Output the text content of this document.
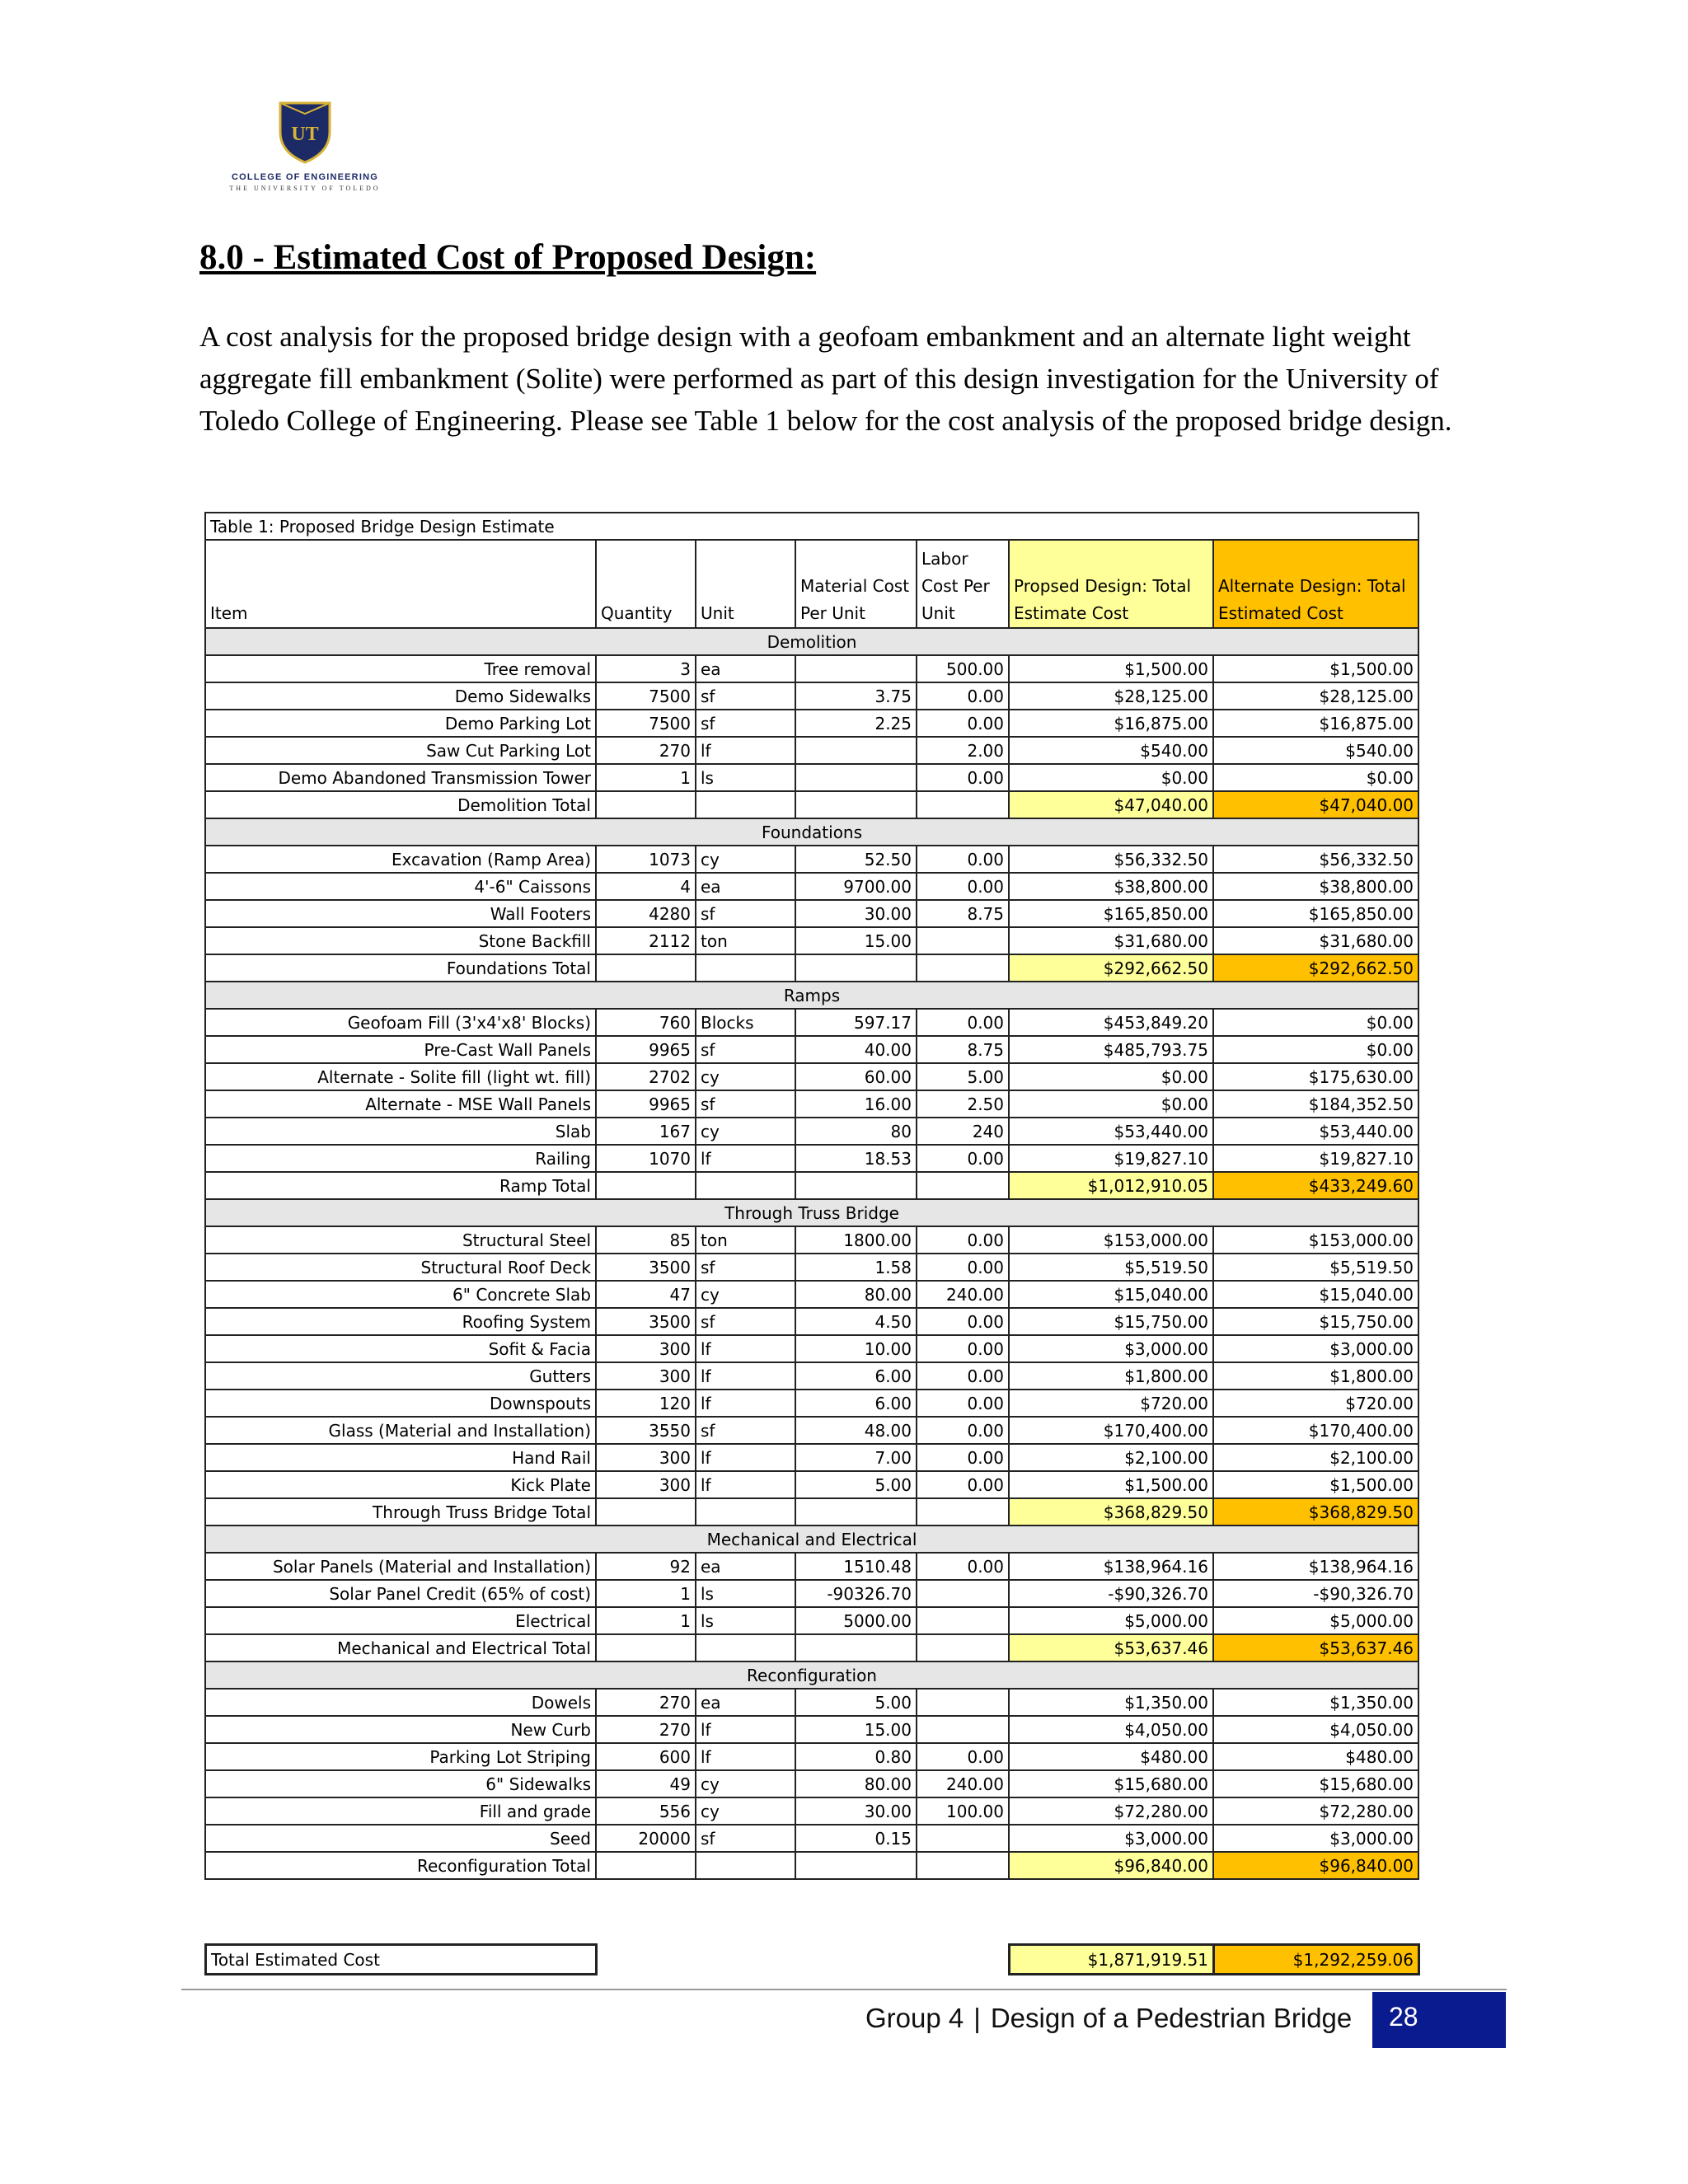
UT
COLLEGE OF ENGINEERING
THE UNIVERSITY OF TOLEDO
8.0 - Estimated Cost of Proposed Design:

A cost analysis for the proposed bridge design with a geofoam embankment and an alternate light weight aggregate fill embankment (Solite) were performed as part of this design investigation for the University of Toledo College of Engineering. Please see Table 1 below for the cost analysis of the proposed bridge design.

Table 1: Proposed Bridge Design Estimate						
Item	Quantity	Unit	Material Cost Per Unit	Labor Cost Per Unit	Propsed Design: Total Estimate Cost	Alternate Design: Total Estimated Cost
Demolition						
Tree removal	3	ea		500.00	$1,500.00	$1,500.00
Demo Sidewalks	7500	sf	3.75	0.00	$28,125.00	$28,125.00
Demo Parking Lot	7500	sf	2.25	0.00	$16,875.00	$16,875.00
Saw Cut Parking Lot	270	lf		2.00	$540.00	$540.00
Demo Abandoned Transmission Tower	1	ls		0.00	$0.00	$0.00
Demolition Total					$47,040.00	$47,040.00
Foundations						
Excavation (Ramp Area)	1073	cy	52.50	0.00	$56,332.50	$56,332.50
4'-6" Caissons	4	ea	9700.00	0.00	$38,800.00	$38,800.00
Wall Footers	4280	sf	30.00	8.75	$165,850.00	$165,850.00
Stone Backfill	2112	ton	15.00		$31,680.00	$31,680.00
Foundations Total					$292,662.50	$292,662.50
Ramps						
Geofoam Fill (3'x4'x8' Blocks)	760	Blocks	597.17	0.00	$453,849.20	$0.00
Pre-Cast Wall Panels	9965	sf	40.00	8.75	$485,793.75	$0.00
Alternate - Solite fill (light wt. fill)	2702	cy	60.00	5.00	$0.00	$175,630.00
Alternate - MSE Wall Panels	9965	sf	16.00	2.50	$0.00	$184,352.50
Slab	167	cy	80	240	$53,440.00	$53,440.00
Railing	1070	lf	18.53	0.00	$19,827.10	$19,827.10
Ramp Total					$1,012,910.05	$433,249.60
Through Truss Bridge						
Structural Steel	85	ton	1800.00	0.00	$153,000.00	$153,000.00
Structural Roof Deck	3500	sf	1.58	0.00	$5,519.50	$5,519.50
6" Concrete Slab	47	cy	80.00	240.00	$15,040.00	$15,040.00
Roofing System	3500	sf	4.50	0.00	$15,750.00	$15,750.00
Sofit & Facia	300	lf	10.00	0.00	$3,000.00	$3,000.00
Gutters	300	lf	6.00	0.00	$1,800.00	$1,800.00
Downspouts	120	lf	6.00	0.00	$720.00	$720.00
Glass (Material and Installation)	3550	sf	48.00	0.00	$170,400.00	$170,400.00
Hand Rail	300	lf	7.00	0.00	$2,100.00	$2,100.00
Kick Plate	300	lf	5.00	0.00	$1,500.00	$1,500.00
Through Truss Bridge Total					$368,829.50	$368,829.50
Mechanical and Electrical						
Solar Panels (Material and Installation)	92	ea	1510.48	0.00	$138,964.16	$138,964.16
Solar Panel Credit (65% of cost)	1	ls	-90326.70		-$90,326.70	-$90,326.70
Electrical	1	ls	5000.00		$5,000.00	$5,000.00
Mechanical and Electrical Total					$53,637.46	$53,637.46
Reconfiguration						
Dowels	270	ea	5.00		$1,350.00	$1,350.00
New Curb	270	lf	15.00		$4,050.00	$4,050.00
Parking Lot Striping	600	lf	0.80	0.00	$480.00	$480.00
6" Sidewalks	49	cy	80.00	240.00	$15,680.00	$15,680.00
Fill and grade	556	cy	30.00	100.00	$72,280.00	$72,280.00
Seed	20000	sf	0.15		$3,000.00	$3,000.00
Reconfiguration Total					$96,840.00	$96,840.00
Total Estimated Cost					$1,871,919.51	$1,292,259.06
Group 4 | Design of a Pedestrian Bridge	28
